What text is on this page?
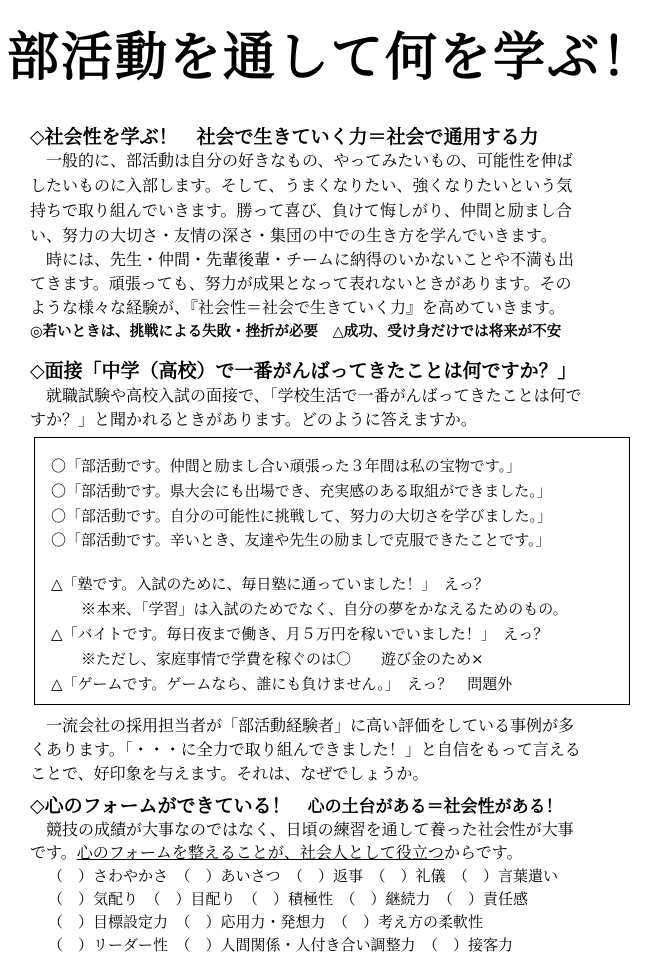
部活動を通して何を学ぶ！
◇社会性を学ぶ！　社会で生きていく力＝社会で通用する力
　一般的に、部活動は自分の好きなもの、やってみたいもの、可能性を伸ば
したいものに入部します。そして、うまくなりたい、強くなりたいという気
持ちで取り組んでいきます。勝って喜び、負けて悔しがり、仲間と励まし合
い、努力の大切さ・友情の深さ・集団の中での生き方を学んでいきます。
　時には、先生・仲間・先輩後輩・チームに納得のいかないことや不満も出
てきます。頑張っても、努力が成果となって表れないときがあります。その
ような様々な経験が、『社会性＝社会で生きていく力』を高めていきます。
◎若いときは、挑戦による失敗・挫折が必要　△成功、受け身だけでは将来が不安
◇面接「中学（高校）で一番がんばってきたことは何ですか？」
　就職試験や高校入試の面接で、「学校生活で一番がんばってきたことは何で
すか？」と聞かれるときがあります。どのように答えますか。
〇「部活動です。仲間と励まし合い頑張った３年間は私の宝物です。」
〇「部活動です。県大会にも出場でき、充実感のある取組ができました。」
〇「部活動です。自分の可能性に挑戦して、努力の大切さを学びました。」
〇「部活動です。辛いとき、友達や先生の励ましで克服できたことです。」
△「塾です。入試のために、毎日塾に通っていました！」　えっ？
　　※本来、「学習」は入試のためでなく、自分の夢をかなえるためのもの。
△「バイトです。毎日夜まで働き、月５万円を稼いでいました！」　えっ？
　　※ただし、家庭事情で学費を稼ぐのは〇　　遊び金のため×
△「ゲームです。ゲームなら、誰にも負けません。」　えっ？　問題外
　一流会社の採用担当者が「部活動経験者」に高い評価をしている事例が多
くあります。「・・・に全力で取り組んできました！」と自信をもって言える
ことで、好印象を与えます。それは、なぜでしょうか。
◇心のフォームができている！　心の土台がある＝社会性がある！
　競技の成績が大事なのではなく、日頃の練習を通して養った社会性が大事
です。心のフォームを整えることが、社会人として役立つからです。
（　）さわやかさ　（　）あいさつ　（　）返事　（　）礼儀　（　）言葉遣い
（　）気配り　（　）目配り　（　）積極性　（　）継続力　（　）責任感
（　）目標設定力　（　）応用力・発想力　（　）考え方の柔軟性
（　）リーダー性　（　）人間関係・人付き合い調整力　（　）接客力
